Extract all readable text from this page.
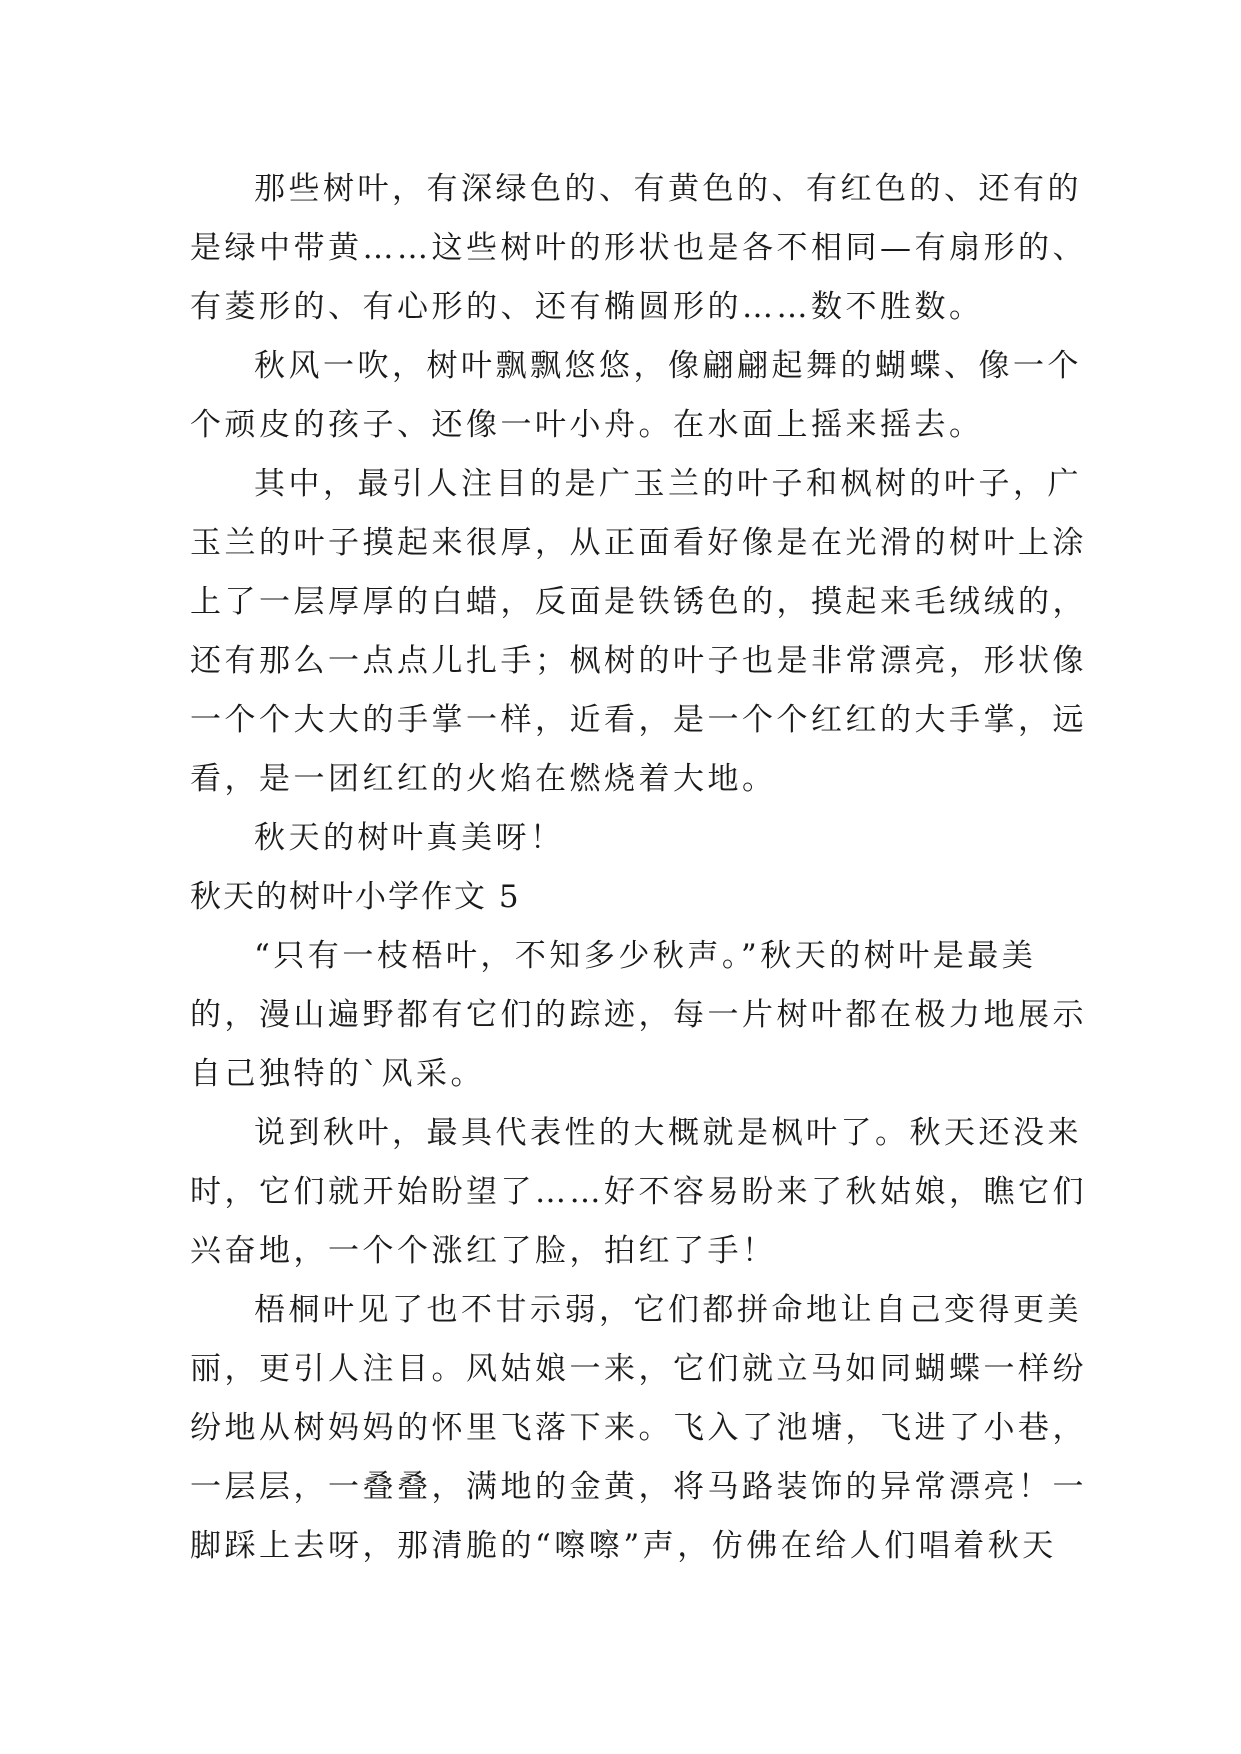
那些树叶，有深绿色的、有黄色的、有红色的、还有的
是绿中带黄……这些树叶的形状也是各不相同—有扇形的、
有菱形的、有心形的、还有椭圆形的……数不胜数。
秋风一吹，树叶飘飘悠悠，像翩翩起舞的蝴蝶、像一个
个顽皮的孩子、还像一叶小舟。在水面上摇来摇去。
其中，最引人注目的是广玉兰的叶子和枫树的叶子，广
玉兰的叶子摸起来很厚，从正面看好像是在光滑的树叶上涂
上了一层厚厚的白蜡，反面是铁锈色的，摸起来毛绒绒的，
还有那么一点点儿扎手；枫树的叶子也是非常漂亮，形状像
一个个大大的手掌一样，近看，是一个个红红的大手掌，远
看，是一团红红的火焰在燃烧着大地。
秋天的树叶真美呀！
秋天的树叶小学作文 5
“只有一枝梧叶，不知多少秋声。”秋天的树叶是最美
的，漫山遍野都有它们的踪迹，每一片树叶都在极力地展示
自己独特的`风采。
说到秋叶，最具代表性的大概就是枫叶了。秋天还没来
时，它们就开始盼望了……好不容易盼来了秋姑娘，瞧它们
兴奋地，一个个涨红了脸，拍红了手！
梧桐叶见了也不甘示弱，它们都拼命地让自己变得更美
丽，更引人注目。风姑娘一来，它们就立马如同蝴蝶一样纷
纷地从树妈妈的怀里飞落下来。飞入了池塘，飞进了小巷，
一层层，一叠叠，满地的金黄，将马路装饰的异常漂亮！一
脚踩上去呀，那清脆的“嚓嚓”声，仿佛在给人们唱着秋天
